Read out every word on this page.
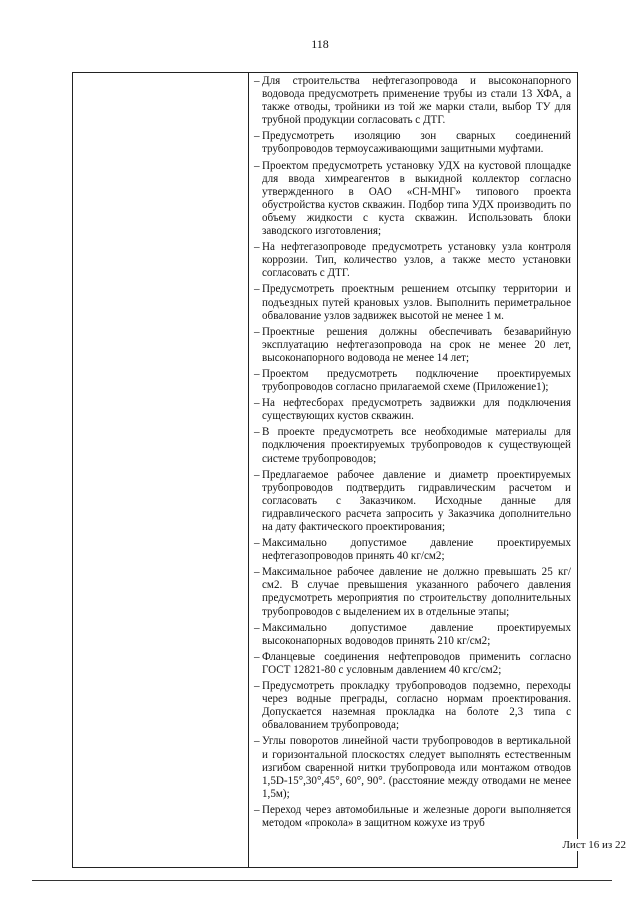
118
– Для строительства нефтегазопровода и высоконапорного водовода предусмотреть применение трубы из стали 13 ХФА, а также отводы, тройники из той же марки стали, выбор ТУ для трубной продукции согласовать с ДТГ.
– Предусмотреть изоляцию зон сварных соединений трубопроводов термоусаживающими защитными муфтами.
– Проектом предусмотреть установку УДХ на кустовой площадке для ввода химреагентов в выкидной коллектор согласно утвержденного в ОАО «СН-МНГ» типового проекта обустройства кустов скважин. Подбор типа УДХ производить по объему жидкости с куста скважин. Использовать блоки заводского изготовления;
– На нефтегазопроводе предусмотреть установку узла контроля коррозии. Тип, количество узлов, а также место установки согласовать с ДТГ.
– Предусмотреть проектным решением отсыпку территории и подъездных путей крановых узлов. Выполнить периметральное обвалование узлов задвижек высотой не менее 1 м.
– Проектные решения должны обеспечивать безаварийную эксплуатацию нефтегазопровода на срок не менее 20 лет, высоконапорного водовода не менее 14 лет;
– Проектом предусмотреть подключение проектируемых трубопроводов согласно прилагаемой схеме (Приложение1);
– На нефтесборах предусмотреть задвижки для подключения существующих кустов скважин.
– В проекте предусмотреть все необходимые материалы для подключения проектируемых трубопроводов к существующей системе трубопроводов;
– Предлагаемое рабочее давление и диаметр проектируемых трубопроводов подтвердить гидравлическим расчетом и согласовать с Заказчиком. Исходные данные для гидравлического расчета запросить у Заказчика дополнительно на дату фактического проектирования;
– Максимально допустимое давление проектируемых нефтегазопроводов принять 40 кг/см2;
– Максимальное рабочее давление не должно превышать 25 кг/см2. В случае превышения указанного рабочего давления предусмотреть мероприятия по строительству дополнительных трубопроводов с выделением их в отдельные этапы;
– Максимально допустимое давление проектируемых высоконапорных водоводов принять 210 кг/см2;
– Фланцевые соединения нефтепроводов применить согласно ГОСТ 12821-80 с условным давлением 40 кгс/см2;
– Предусмотреть прокладку трубопроводов подземно, переходы через водные преграды, согласно нормам проектирования. Допускается наземная прокладка на болоте 2,3 типа с обвалованием трубопровода;
– Углы поворотов линейной части трубопроводов в вертикальной и горизонтальной плоскостях следует выполнять естественным изгибом сваренной нитки трубопровода или монтажом отводов 1,5D-15°,30°,45°, 60°, 90°. (расстояние между отводами не менее 1,5м);
– Переход через автомобильные и железные дороги выполняется методом «прокола» в защитном кожухе из труб
Лист 16 из 22
